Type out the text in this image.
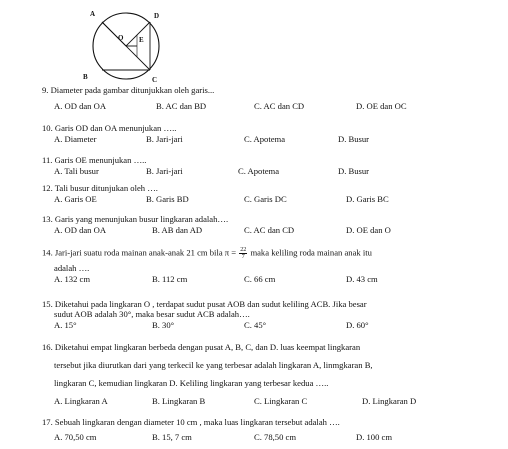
A	D
O E
B	C
9. Diameter pada gambar ditunjukkan oleh garis...
A. OD dan OA	B. AC dan BD	C. AC dan CD	D. OE dan OC
10. Garis OD dan OA menunjukan …..
A. Diameter	B. Jari-jari	C. Apotema	D. Busur
11. Garis OE menunjukan …..
A. Tali busur	B. Jari-jari	C. Apotema	D. Busur
12. Tali busur ditunjukan oleh ….
A. Garis OE	B. Garis BD	C. Garis DC	D. Garis BC
13. Garis yang menunjukan busur lingkaran adalah….
A. OD dan OA	B. AB dan AD	C. AC dan CD	D. OE dan O
14. Jari-jari suatu roda mainan anak-anak 21 cm bila $\pi = \frac{22}{7}$ maka keliling roda mainan anak itu
adalah ….
A. 132 cm	B. 112 cm	C. 66 cm	D. 43 cm
15. Diketahui pada lingkaran O , terdapat sudut pusat AOB dan sudut keliling ACB. Jika besar
sudut AOB adalah 30°, maka besar sudut ACB adalah….
A. 15°	B. 30°	C. 45°	D. 60°
16. Diketahui empat lingkaran berbeda dengan pusat A, B, C, dan D. luas keempat lingkaran
tersebut jika diurutkan dari yang terkecil ke yang terbesar adalah lingkaran A, linmgkaran B,
lingkaran C, kemudian lingkaran D. Keliling lingkaran yang terbesar kedua …..
A. Lingkaran A	B. Lingkaran B	C. Lingkaran C	D. Lingkaran D
17. Sebuah lingkaran dengan diameter 10 cm , maka luas lingkaran tersebut adalah ….
A. 70,50 cm	B. 15, 7 cm	C. 78,50 cm	D. 100 cm
